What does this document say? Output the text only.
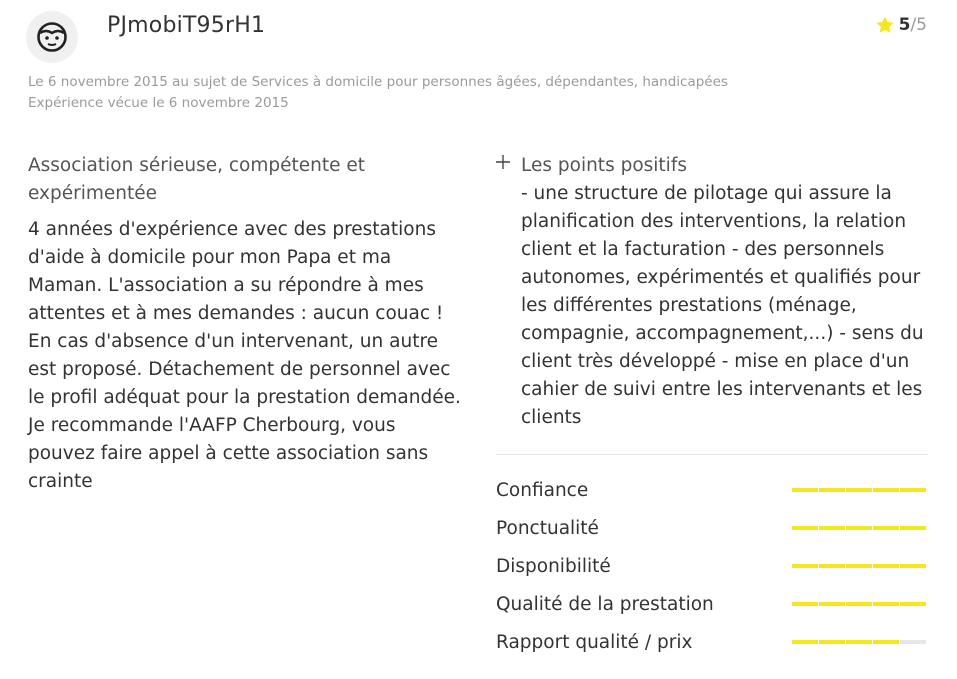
PJmobiT95rH1	5/5
Le 6 novembre 2015 au sujet de Services à domicile pour personnes âgées, dépendantes, handicapées
Expérience vécue le 6 novembre 2015
Association sérieuse, compétente et expérimentée

4 années d'expérience avec des prestations d'aide à domicile pour mon Papa et ma Maman. L'association a su répondre à mes attentes et à mes demandes : aucun couac ! En cas d'absence d'un intervenant, un autre est proposé. Détachement de personnel avec le profil adéquat pour la prestation demandée. Je recommande l'AAFP Cherbourg, vous pouvez faire appel à cette association sans crainte

Les points positifs
- une structure de pilotage qui assure la planification des interventions, la relation client et la facturation - des personnels autonomes, expérimentés et qualifiés pour les différentes prestations (ménage, compagnie, accompagnement,...) - sens du client très développé - mise en place d'un cahier de suivi entre les intervenants et les clients
Confiance
Ponctualité
Disponibilité
Qualité de la prestation
Rapport qualité / prix
